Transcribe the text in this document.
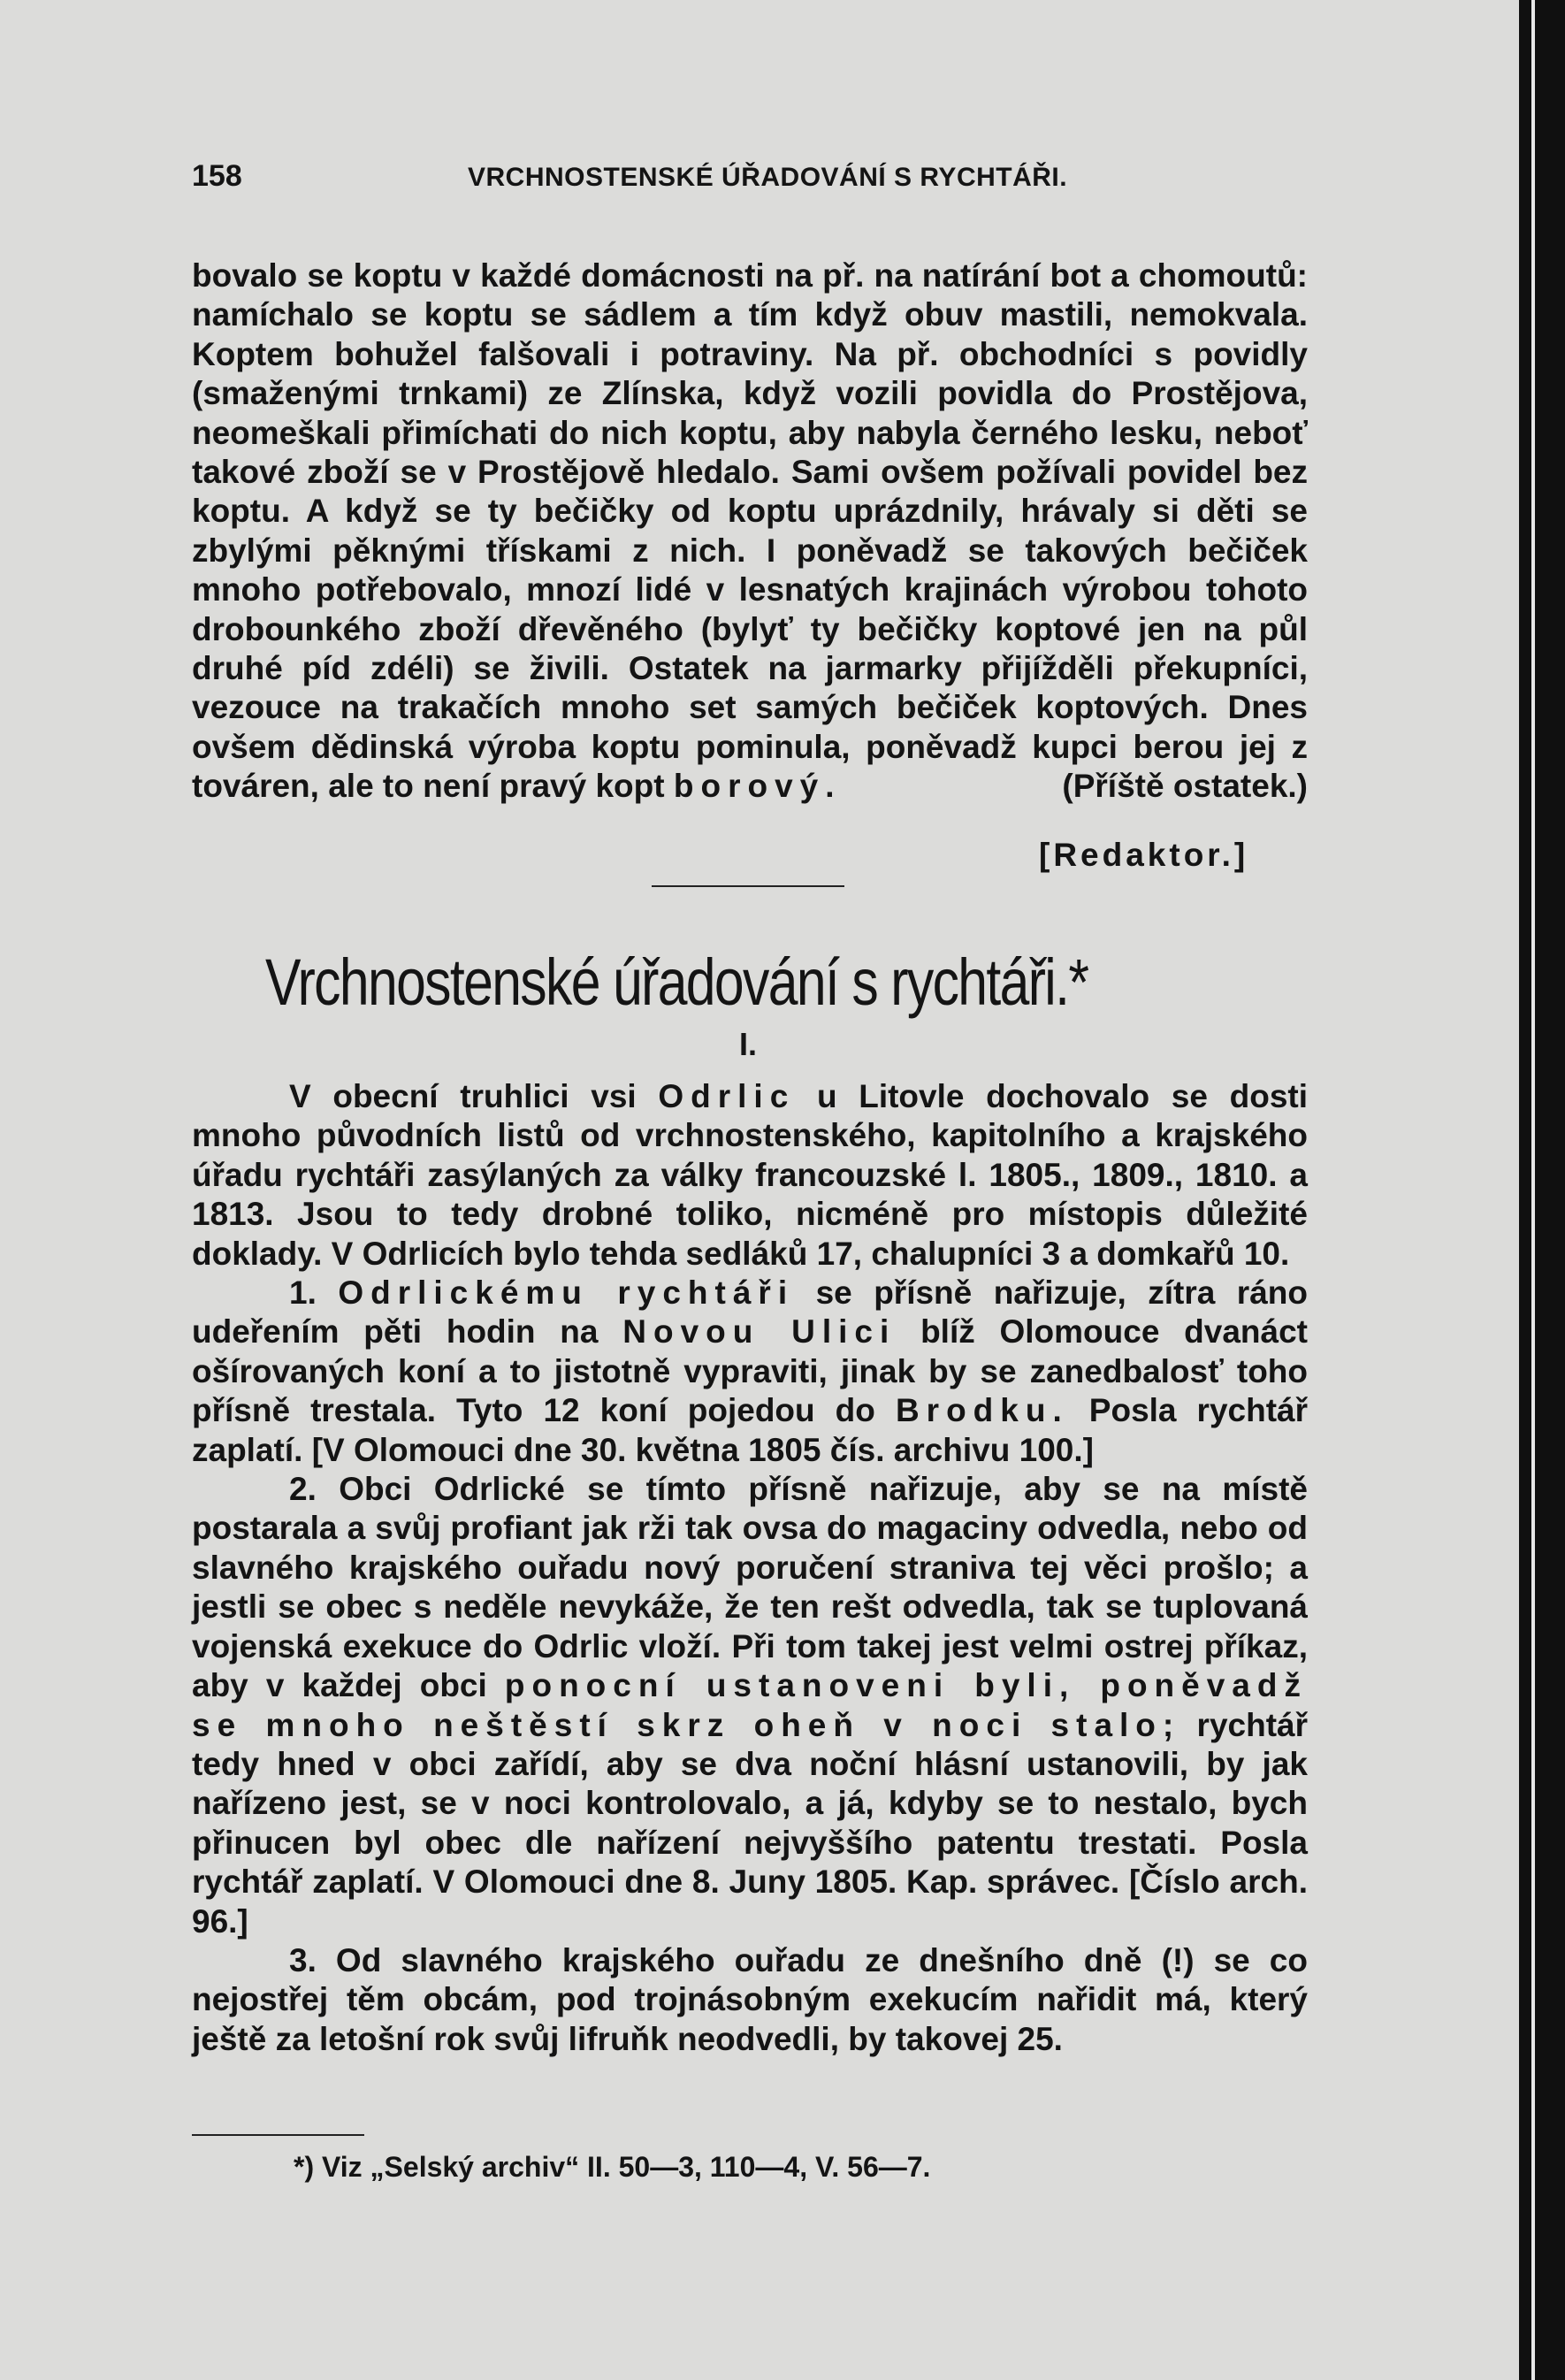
158	VRCHNOSTENSKÉ ÚŘADOVÁNÍ S RYCHTÁŘI.

bovalo se koptu v každé domácnosti na př. na natírání bot a chomoutů: namíchalo se koptu se sádlem a tím když obuv mastili, nemokvala. Koptem bohužel falšovali i potraviny. Na př. obchodníci s povidly (smaženými trnkami) ze Zlínska, když vozili povidla do Prostějova, neomeškali přimíchati do nich koptu, aby nabyla černého lesku, neboť takové zboží se v Prostějově hledalo. Sami ovšem požívali povidel bez koptu. A když se ty bečičky od koptu uprázdnily, hrávaly si děti se zbylými pěknými třískami z nich. I poněvadž se takových bečiček mnoho potřebovalo, mnozí lidé v lesnatých krajinách výrobou tohoto drobounkého zboží dřevěného (bylyť ty bečičky koptové jen na půl druhé píd zdéli) se živili. Ostatek na jarmarky přijížděli překupníci, vezouce na trakačích mnoho set samých bečiček koptových. Dnes ovšem dědinská výroba koptu pominula, poněvadž kupci berou jej z továren, ale to není pravý kopt borový.	(Příště ostatek.)

[Redaktor.]
Vrchnostenské úřadování s rychtáři.*
I.

V obecní truhlici vsi Odrlic u Litovle dochovalo se dosti mnoho původních listů od vrchnostenského, kapitolního a krajského úřadu rychtáři zasýlaných za války francouzské l. 1805., 1809., 1810. a 1813. Jsou to tedy drobné toliko, nicméně pro místopis důležité doklady. V Odrlicích bylo tehda sedláků 17, chalupníci 3 a domkařů 10.

1. Odrlickému rychtáři se přísně nařizuje, zítra ráno udeřením pěti hodin na Novou Ulici blíž Olomouce dvanáct ošírovaných koní a to jistotně vypraviti, jinak by se zanedbalosť toho přísně trestala. Tyto 12 koní pojedou do Brodku. Posla rychtář zaplatí. [V Olomouci dne 30. května 1805 čís. archivu 100.]

2. Obci Odrlické se tímto přísně nařizuje, aby se na místě postarala a svůj profiant jak rži tak ovsa do magaciny odvedla, nebo od slavného krajského ouřadu nový poručení straniva tej věci prošlo; a jestli se obec s neděle nevykáže, že ten rešt odvedla, tak se tuplovaná vojenská exekuce do Odrlic vloží. Při tom takej jest velmi ostrej příkaz, aby v každej obci ponocní ustanoveni byli, poněvadž se mnoho neštěstí skrz oheň v noci stalo; rychtář tedy hned v obci zařídí, aby se dva noční hlásní ustanovili, by jak nařízeno jest, se v noci kontrolovalo, a já, kdyby se to nestalo, bych přinucen byl obec dle nařízení nejvyššího patentu trestati. Posla rychtář zaplatí. V Olomouci dne 8. Juny 1805. Kap. správec. [Číslo arch. 96.]

3. Od slavného krajského ouřadu ze dnešního dně (!) se co nejostřej těm obcám, pod trojnásobným exekucím nařidit má, který ještě za letošní rok svůj lifruňk neodvedli, by takovej 25.

*) Viz „Selský archiv“ II. 50—3, 110—4, V. 56—7.
